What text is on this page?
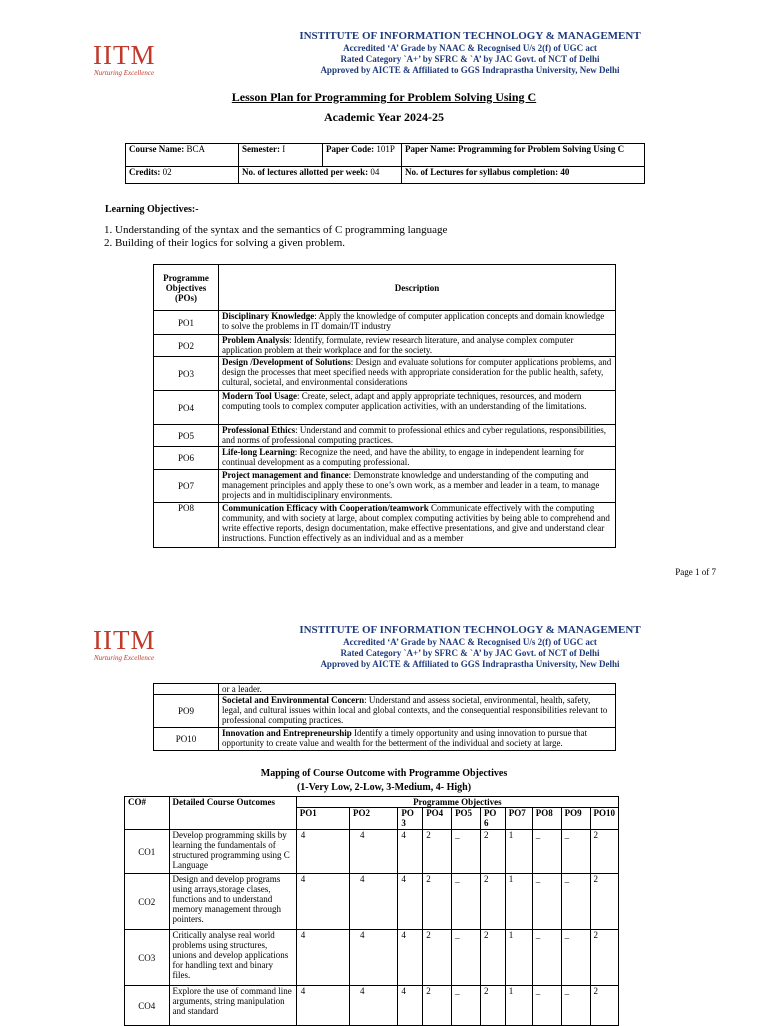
IITM
Nurturing Excellence
INSTITUTE OF INFORMATION TECHNOLOGY & MANAGEMENT
Accredited ‘A’ Grade by NAAC & Recognised U/s 2(f) of UGC act
Rated Category `A+’ by SFRC & `A’ by JAC Govt. of NCT of Delhi
Approved by AICTE & Affiliated to GGS Indraprastha University, New Delhi
Lesson Plan for Programming for Problem Solving Using C
Academic Year 2024-25
Course Name: BCA	Semester: I	Paper Code: 101P	Paper Name: Programming for Problem Solving Using C
Credits: 02	No. of lectures allotted per week: 04		No. of Lectures for syllabus completion: 40
Learning Objectives:-
1. Understanding of the syntax and the semantics of C programming language
2. Building of their logics for solving a given problem.
Programme Objectives (POs)	Description
PO1	Disciplinary Knowledge: Apply the knowledge of computer application concepts and domain knowledge to solve the problems in IT domain/IT industry
PO2	Problem Analysis: Identify, formulate, review research literature, and analyse complex computer application problem at their workplace and for the society.
PO3	Design /Development of Solutions: Design and evaluate solutions for computer applications problems, and design the processes that meet specified needs with appropriate consideration for the public health, safety, cultural, societal, and environmental considerations
PO4	Modern Tool Usage: Create, select, adapt and apply appropriate techniques, resources, and modern computing tools to complex computer application activities, with an understanding of the limitations.
PO5	Professional Ethics: Understand and commit to professional ethics and cyber regulations, responsibilities, and norms of professional computing practices.
PO6	Life-long Learning: Recognize the need, and have the ability, to engage in independent learning for continual development as a computing professional.
PO7	Project management and finance: Demonstrate knowledge and understanding of the computing and management principles and apply these to one’s own work, as a member and leader in a team, to manage projects and in multidisciplinary environments.
PO8	Communication Efficacy with Cooperation/teamwork Communicate effectively with the computing community, and with society at large, about complex computing activities by being able to comprehend and write effective reports, design documentation, make effective presentations, and give and understand clear instructions. Function effectively as an individual and as a member
Page 1 of 7
IITM
Nurturing Excellence
INSTITUTE OF INFORMATION TECHNOLOGY & MANAGEMENT
Accredited ‘A’ Grade by NAAC & Recognised U/s 2(f) of UGC act
Rated Category `A+’ by SFRC & `A’ by JAC Govt. of NCT of Delhi
Approved by AICTE & Affiliated to GGS Indraprastha University, New Delhi
	or a leader.
PO9	Societal and Environmental Concern: Understand and assess societal, environmental, health, safety, legal, and cultural issues within local and global contexts, and the consequential responsibilities relevant to professional computing practices.
PO10	Innovation and Entrepreneurship Identify a timely opportunity and using innovation to pursue that opportunity to create value and wealth for the betterment of the individual and society at large.
Mapping of Course Outcome with Programme Objectives
(1-Very Low, 2-Low, 3-Medium, 4- High)
CO#	Detailed Course Outcomes	Programme Objectives									
		PO1	PO2	PO 3	PO4	PO5	PO 6	PO7	PO8	PO9	PO10
CO1	Develop programming skills by learning the fundamentals of structured programming using C Language	4	4	4	2	_	2	1	_	_	2
CO2	Design and develop programs using arrays,storage clases, functions and to understand memory management through pointers.	4	4	4	2	_	2	1	_	_	2
CO3	Critically analyse real world problems using structures, unions and develop applications for handling text and binary files.	4	4	4	2	_	2	1	_	_	2
CO4	Explore the use of command line arguments, string manipulation and standard	4	4	4	2	_	2	1	_	_	2
